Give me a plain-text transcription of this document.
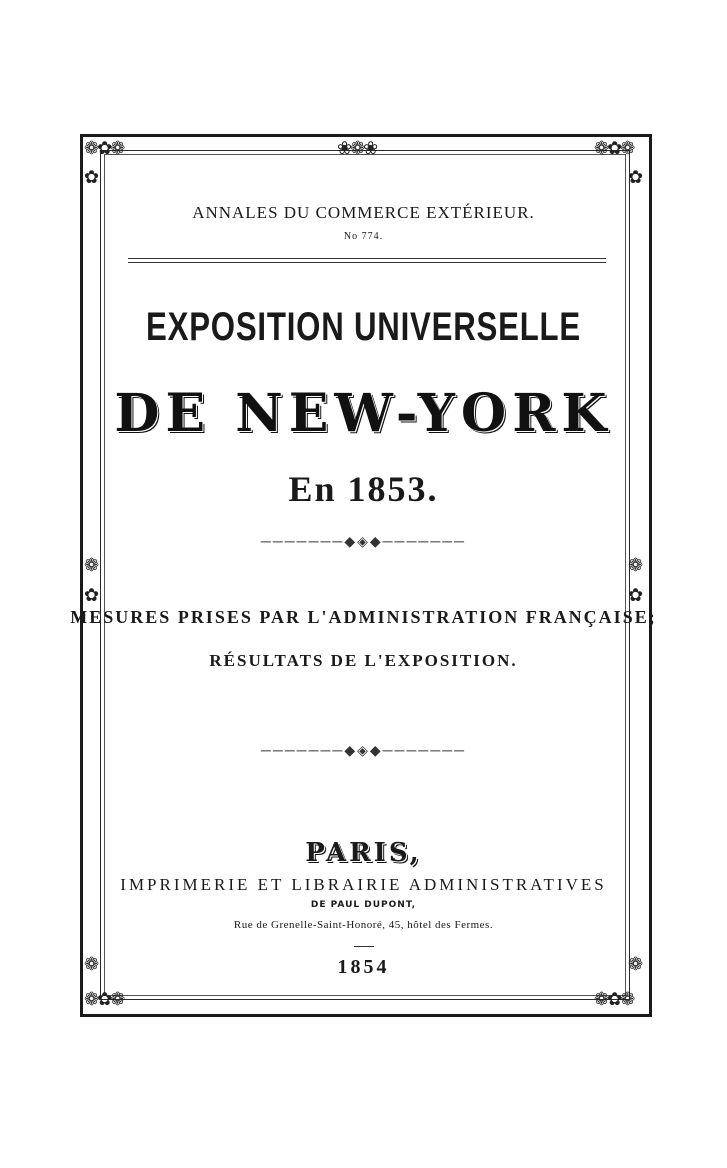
❁✿❁	❀❁❀	❁✿❁
✿	✿
❁	❁
✿	✿
❁	❁
❁✿❁	❁✿❁
ANNALES DU COMMERCE EXTÉRIEUR.
No 774.
EXPOSITION UNIVERSELLE
DE NEW-YORK
En 1853.
───────◆◈◆───────
MESURES PRISES PAR L'ADMINISTRATION FRANÇAISE;
RÉSULTATS DE L'EXPOSITION.
───────◆◈◆───────
PARIS,
IMPRIMERIE ET LIBRAIRIE ADMINISTRATIVES
DE PAUL DUPONT,
Rue de Grenelle-Saint-Honoré, 45, hôtel des Fermes.
1854
